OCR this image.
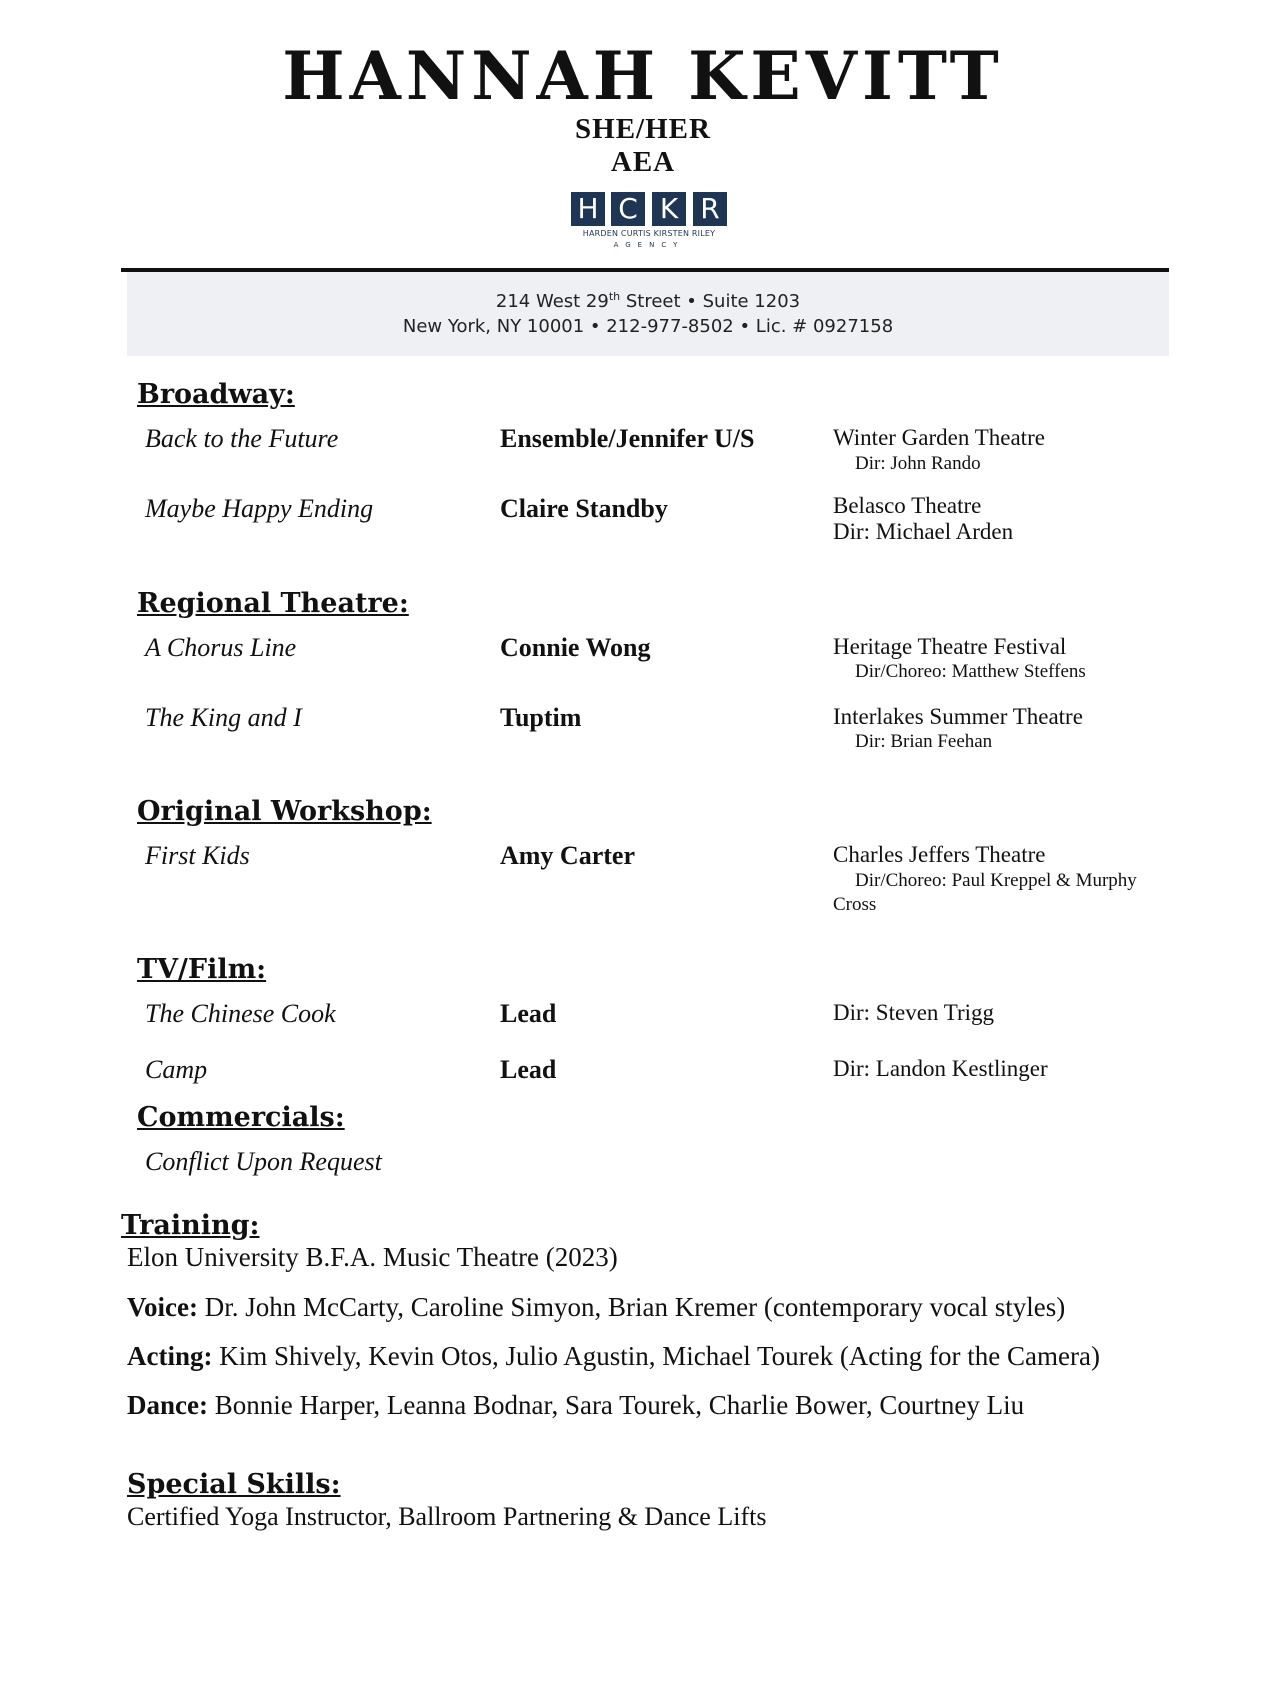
HANNAH KEVITT
SHE/HER
AEA
H C K R
HARDEN CURTIS KIRSTEN RILEY
AGENCY
214 West 29th Street • Suite 1203
New York, NY 10001 • 212-977-8502 • Lic. # 0927158
Broadway:
Back to the Future	Ensemble/Jennifer U/S	Winter Garden Theatre
Dir: John Rando
Maybe Happy Ending	Claire Standby	Belasco Theatre
Dir: Michael Arden
Regional Theatre:
A Chorus Line	Connie Wong	Heritage Theatre Festival
Dir/Choreo: Matthew Steffens
The King and I	Tuptim	Interlakes Summer Theatre
Dir: Brian Feehan
Original Workshop:
First Kids	Amy Carter	Charles Jeffers Theatre
Dir/Choreo: Paul Kreppel & Murphy
Cross
TV/Film:
The Chinese Cook	Lead	Dir: Steven Trigg
Camp	Lead	Dir: Landon Kestlinger
Commercials:
Conflict Upon Request
Training:
Elon University B.F.A. Music Theatre (2023)
Voice: Dr. John McCarty, Caroline Simyon, Brian Kremer (contemporary vocal styles)
Acting: Kim Shively, Kevin Otos, Julio Agustin, Michael Tourek (Acting for the Camera)
Dance: Bonnie Harper, Leanna Bodnar, Sara Tourek, Charlie Bower, Courtney Liu
Special Skills:
Certified Yoga Instructor, Ballroom Partnering & Dance Lifts
